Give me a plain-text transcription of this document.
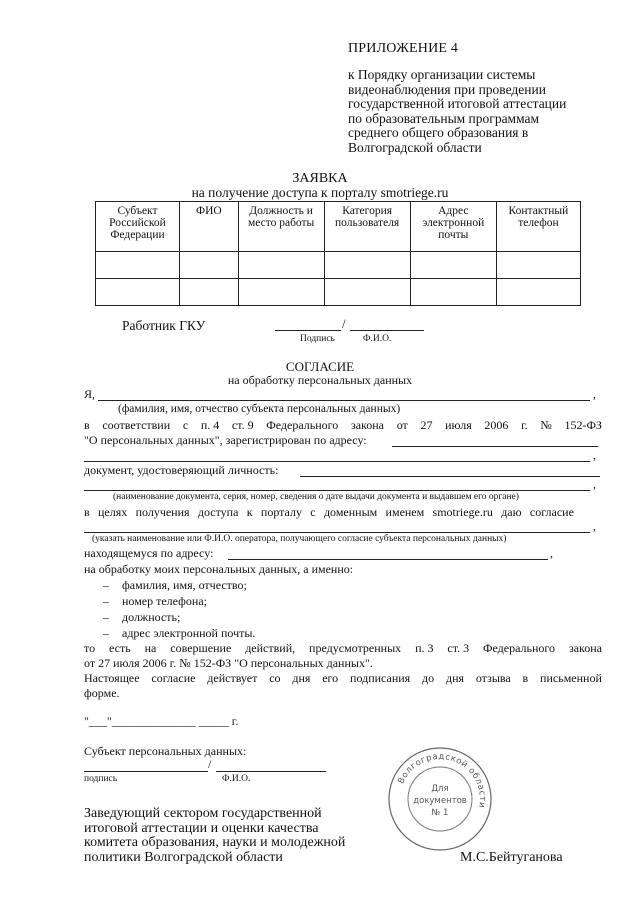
ПРИЛОЖЕНИЕ 4
к Порядку организации системы
видеонаблюдения при проведении
государственной итоговой аттестации
по образовательным программам
среднего общего образования в
Волгоградской области
ЗАЯВКА
на получение доступа к порталу smotriege.ru
Субъект Российской Федерации	ФИО	Должность и место работы	Категория пользователя	Адрес электронной почты	Контактный телефон

Работник ГКУ	/
Подпись	Ф.И.О.
СОГЛАСИЕ
на обработку персональных данных
Я,	,
(фамилия, имя, отчество субъекта персональных данных)
в соответствии с п. 4 ст. 9 Федерального закона от 27 июля 2006 г. № 152-ФЗ
"О персональных данных", зарегистрирован по адресу:
,
документ, удостоверяющий личность:
,
(наименование документа, серия, номер, сведения о дате выдачи документа и выдавшем его органе)
в целях получения доступа к порталу с доменным именем smotriege.ru даю согласие
,
(указать наименование или Ф.И.О. оператора, получающего согласие субъекта персональных данных)
находящемуся по адресу:	,
на обработку моих персональных данных, а именно:
– фамилия, имя, отчество;
– номер телефона;
– должность;
– адрес электронной почты.
то есть на совершение действий, предусмотренных п. 3 ст. 3 Федерального закона
от 27 июля 2006 г. № 152-ФЗ "О персональных данных".
Настоящее согласие действует со дня его подписания до дня отзыва в письменной
форме.
"___"______________ _____ г.
Субъект персональных данных:
/
подпись	Ф.И.О.	Волгоградской области
Для
документов
№ 1
Заведующий сектором государственной
итоговой аттестации и оценки качества
комитета образования, науки и молодежной
политики Волгоградской области	М.С.Бейтуганова
